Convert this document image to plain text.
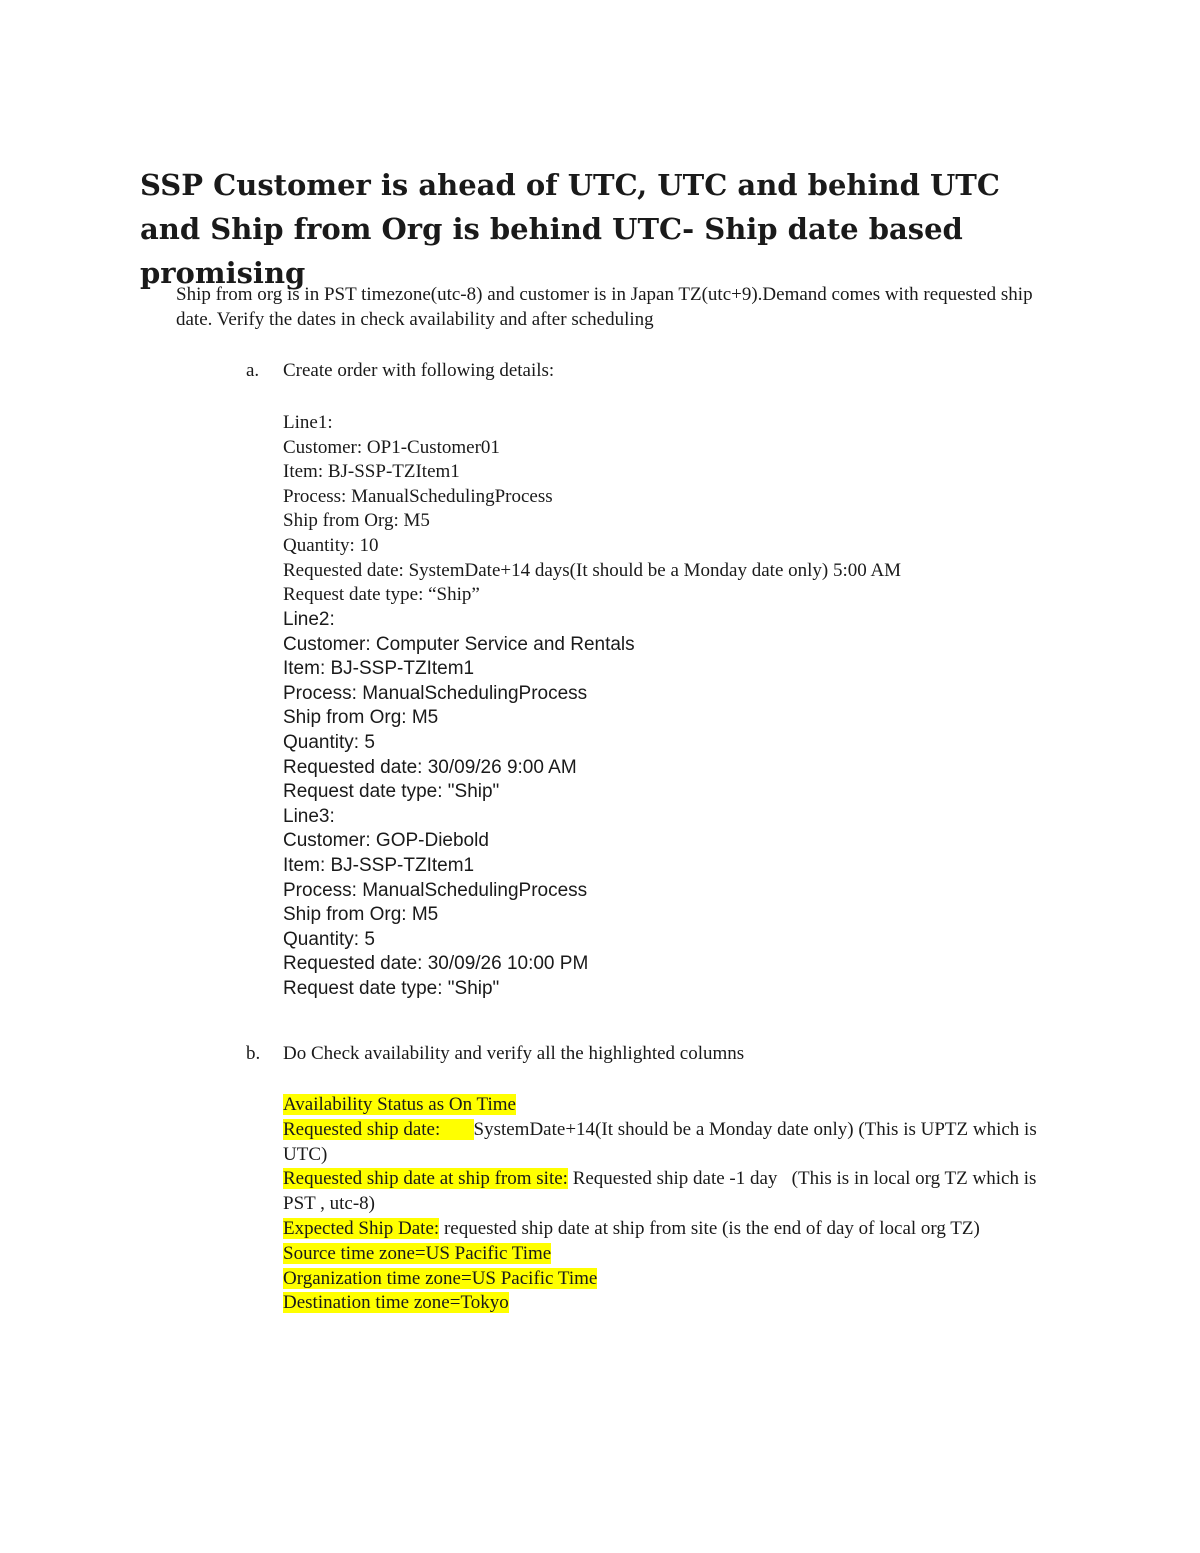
SSP Customer is ahead of UTC, UTC and behind UTC and Ship from Org is behind UTC- Ship date based promising

Ship from org is in PST timezone(utc-8) and customer is in Japan TZ(utc+9).Demand comes with requested ship date. Verify the dates in check availability and after scheduling

a. Create order with following details:
Line1:
Customer: OP1-Customer01
Item: BJ-SSP-TZItem1
Process: ManualSchedulingProcess
Ship from Org: M5
Quantity: 10
Requested date: SystemDate+14 days(It should be a Monday date only) 5:00 AM
Request date type: “Ship”
Line2:
Customer: Computer Service and Rentals
Item: BJ-SSP-TZItem1
Process: ManualSchedulingProcess
Ship from Org: M5
Quantity: 5
Requested date: 30/09/26 9:00 AM
Request date type: "Ship"
Line3:
Customer: GOP-Diebold
Item: BJ-SSP-TZItem1
Process: ManualSchedulingProcess
Ship from Org: M5
Quantity: 5
Requested date: 30/09/26 10:00 PM
Request date type: "Ship"
b. Do Check availability and verify all the highlighted columns

Availability Status as On Time

Requested ship date: SystemDate+14(It should be a Monday date only) (This is UPTZ which is UTC)

Requested ship date at ship from site: Requested ship date -1 day   (This is in local org TZ which is PST , utc-8)

Expected Ship Date: requested ship date at ship from site (is the end of day of local org TZ)

Source time zone=US Pacific Time

Organization time zone=US Pacific Time

Destination time zone=Tokyo
